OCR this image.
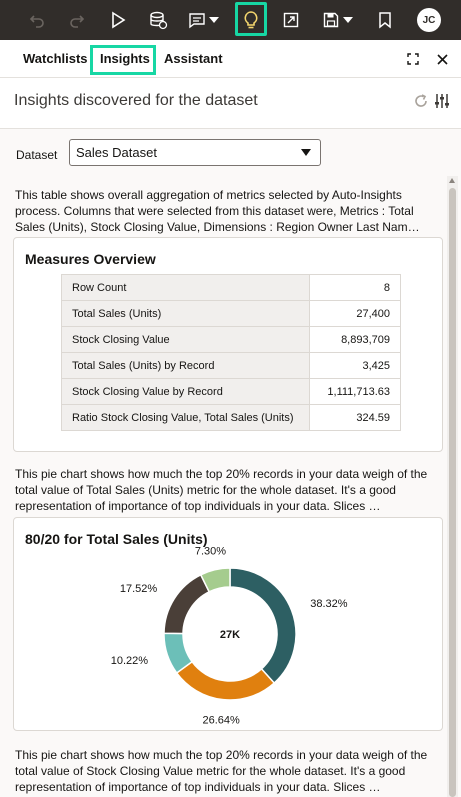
JC
Watchlists Insights Assistant
Insights discovered for the dataset
Dataset	Sales Dataset
This table shows overall aggregation of metrics selected by Auto-Insights process. Columns that were selected from this dataset were, Metrics : Total Sales (Units), Stock Closing Value, Dimensions : Region Owner Last Nam…
Measures Overview
Row Count	8
Total Sales (Units)	27,400
Stock Closing Value	8,893,709
Total Sales (Units) by Record	3,425
Stock Closing Value by Record	1,111,713.63
Ratio Stock Closing Value, Total Sales (Units)	324.59
This pie chart shows how much the top 20% records in your data weigh of the total value of Total Sales (Units) metric for the whole dataset. It's a good representation of importance of top individuals in your data. Slices …
80/20 for Total Sales (Units)
38.32%
26.64%
10.22%
17.52%
7.30%
27K
This pie chart shows how much the top 20% records in your data weigh of the total value of Stock Closing Value metric for the whole dataset. It's a good representation of importance of top individuals in your data. Slices …
